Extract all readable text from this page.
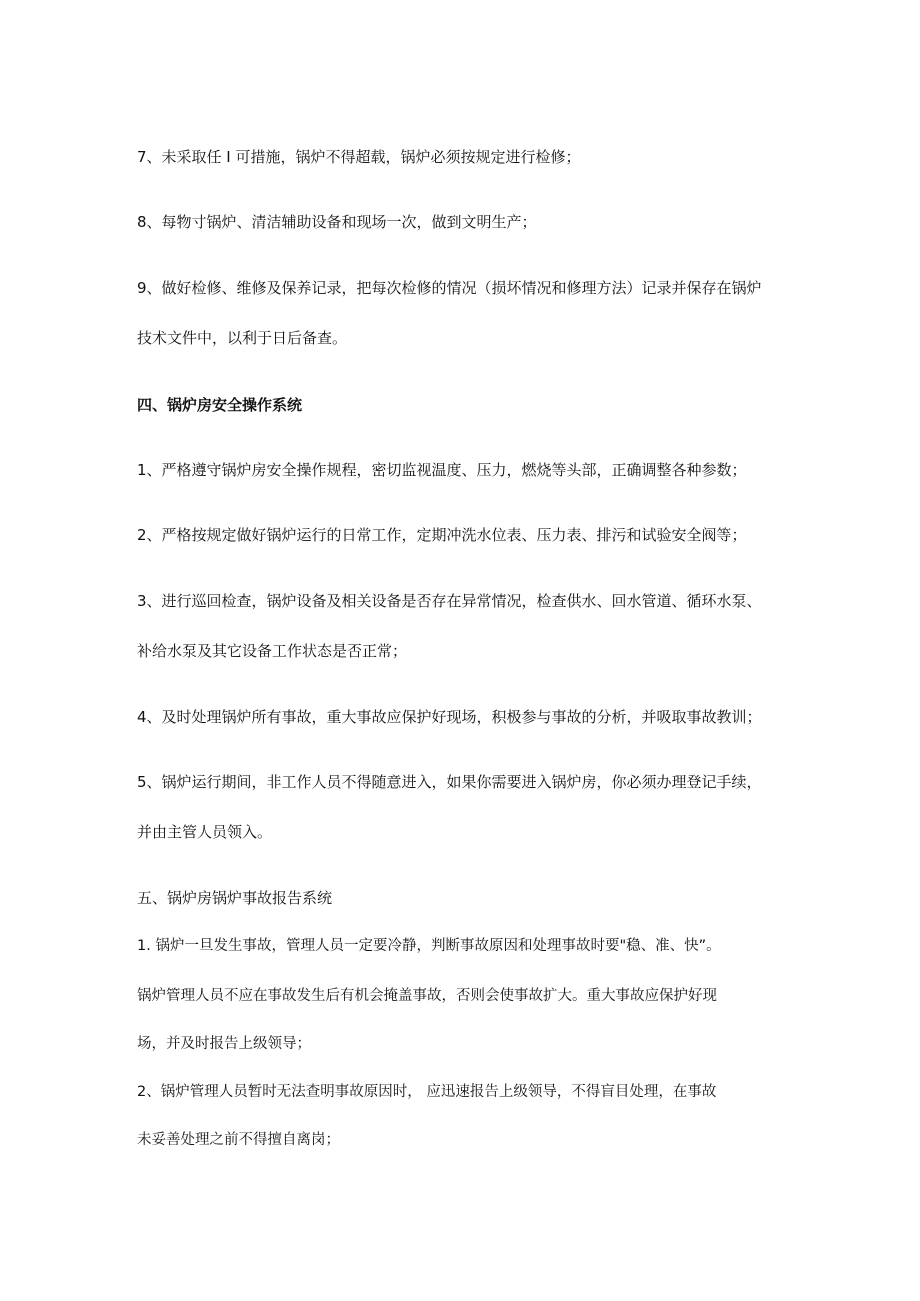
7、未采取任 I 可措施，锅炉不得超载，锅炉必须按规定进行检修；
8、每物寸锅炉、清洁辅助设备和现场一次，做到文明生产；
9、做好检修、维修及保养记录，把每次检修的情况（损坏情况和修理方法）记录并保存在锅炉
技术文件中，以利于日后备查。
四、锅炉房安全操作系统
1、严格遵守锅炉房安全操作规程，密切监视温度、压力，燃烧等头部，正确调整各种参数；
2、严格按规定做好锅炉运行的日常工作，定期冲洗水位表、压力表、排污和试验安全阀等；
3、进行巡回检查，锅炉设备及相关设备是否存在异常情况，检查供水、回水管道、循环水泵、
补给水泵及其它设备工作状态是否正常；
4、及时处理锅炉所有事故，重大事故应保护好现场，积极参与事故的分析，并吸取事故教训；
5、锅炉运行期间，非工作人员不得随意进入，如果你需要进入锅炉房，你必须办理登记手续，
并由主管人员领入。
五、锅炉房锅炉事故报告系统
1. 锅炉一旦发生事故，管理人员一定要冷静，判断事故原因和处理事故时要"稳、准、快”。
锅炉管理人员不应在事故发生后有机会掩盖事故，否则会使事故扩大。重大事故应保护好现
场，并及时报告上级领导；
2、锅炉管理人员暂时无法查明事故原因时， 应迅速报告上级领导，不得盲目处理，在事故
未妥善处理之前不得擅自离岗；
